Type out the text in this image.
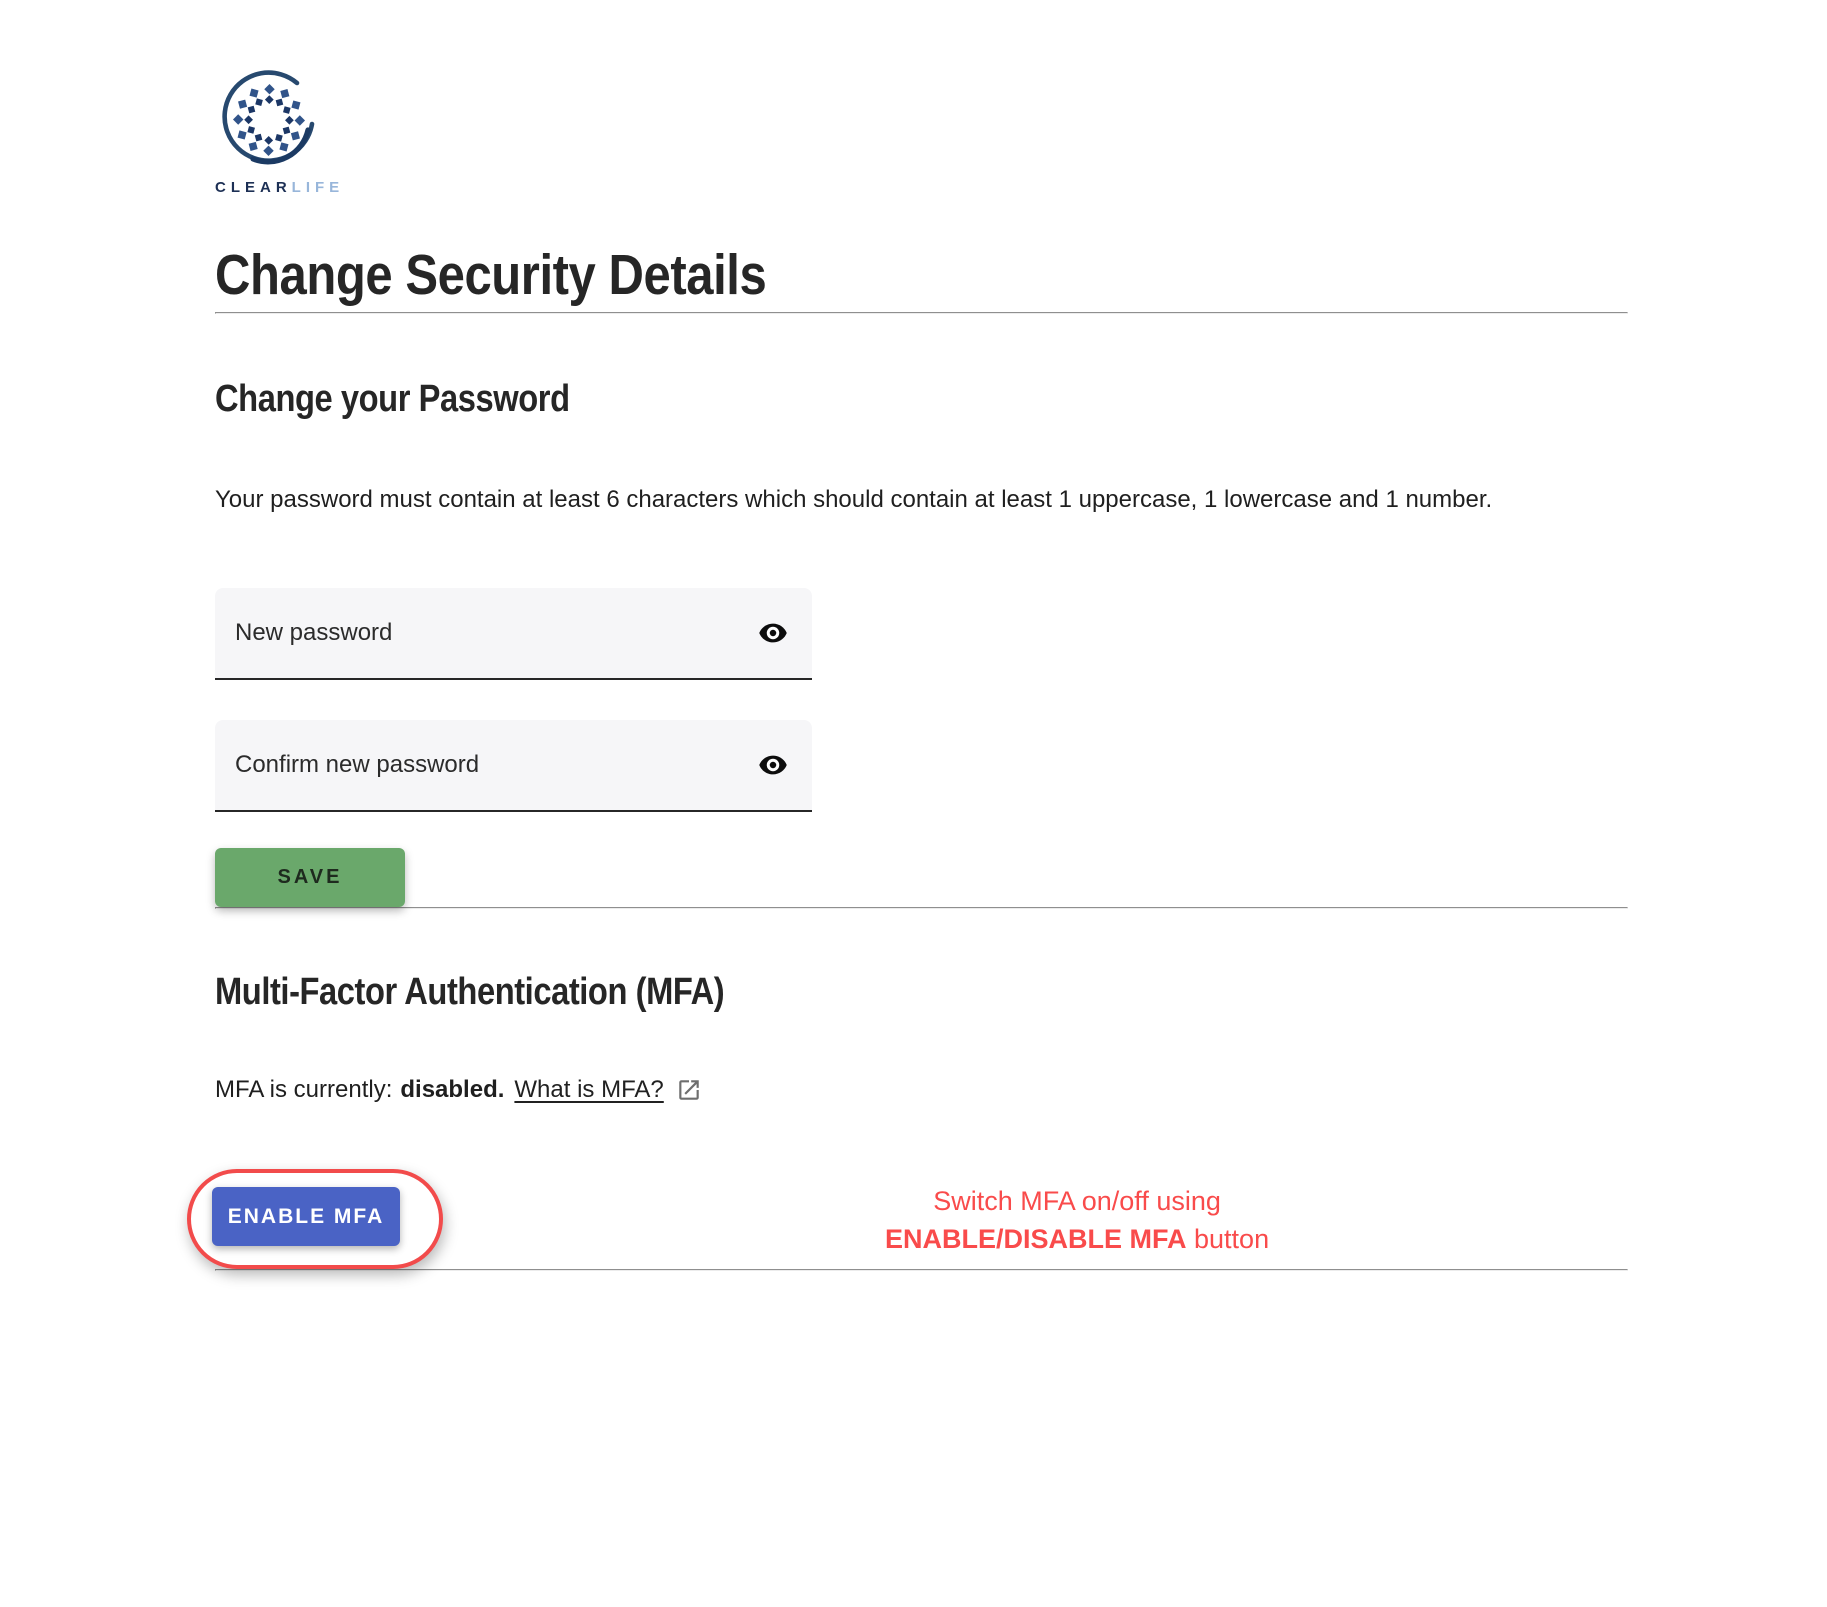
CLEARLIFE
Change Security Details
Change your Password

Your password must contain at least 6 characters which should contain at least 1 uppercase, 1 lowercase and 1 number.

SAVE
Multi-Factor Authentication (MFA)

MFA is currently: disabled. What is MFA?

ENABLE MFA	Switch MFA on/off using
ENABLE/DISABLE MFA button
